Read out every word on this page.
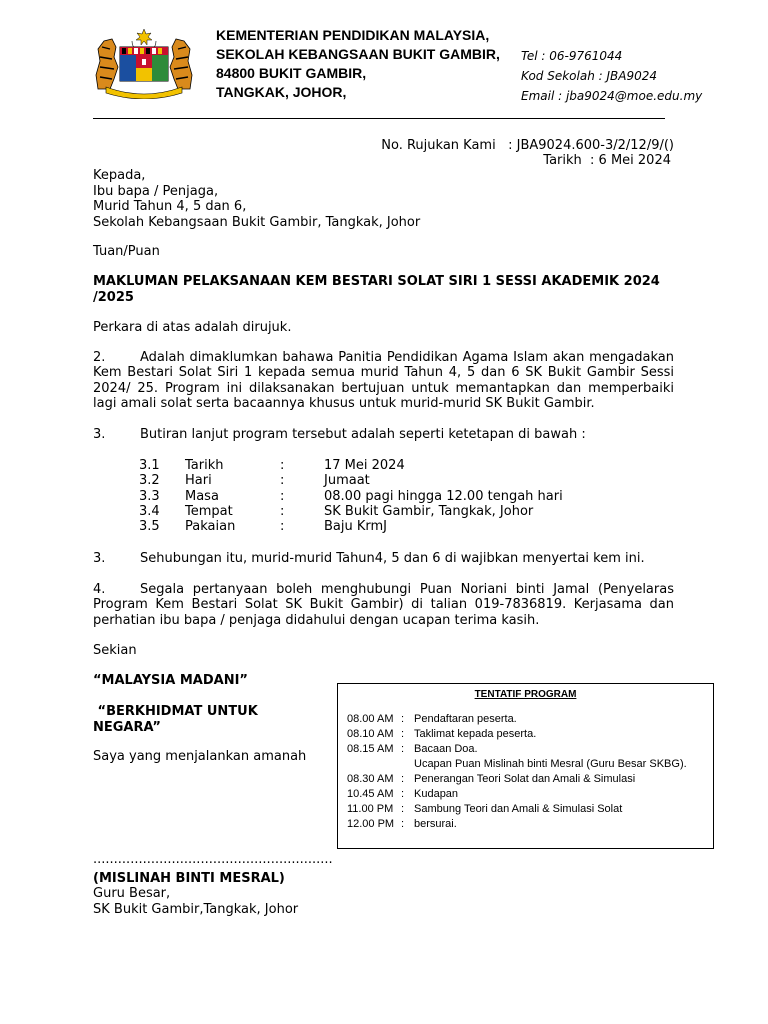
KEMENTERIAN PENDIDIKAN MALAYSIA,
SEKOLAH KEBANGSAAN BUKIT GAMBIR,
84800 BUKIT GAMBIR,
TANGKAK, JOHOR,
Tel : 06-9761044
Kod Sekolah : JBA9024
Email : jba9024@moe.edu.my
No. Rujukan Kami   : JBA9024.600-3/2/12/9/()
Tarikh  : 6 Mei 2024
Kepada,
Ibu bapa / Penjaga,
Murid Tahun 4, 5 dan 6,
Sekolah Kebangsaan Bukit Gambir, Tangkak, Johor
Tuan/Puan
MAKLUMAN PELAKSANAAN KEM BESTARI SOLAT SIRI 1 SESSI AKADEMIK 2024
/2025
Perkara di atas adalah dirujuk.
2.	Adalah dimaklumkan bahawa Panitia Pendidikan Agama Islam akan mengadakan Kem Bestari Solat Siri 1 kepada semua murid Tahun 4, 5 dan 6 SK Bukit Gambir Sessi 2024/ 25. Program ini dilaksanakan bertujuan untuk memantapkan dan memperbaiki lagi amali solat serta bacaannya khusus untuk murid-murid SK Bukit Gambir.
3.	Butiran lanjut program tersebut adalah seperti ketetapan di bawah :
3.1	Tarikh	:	17 Mei 2024
3.2	Hari	:	Jumaat
3.3	Masa	:	08.00 pagi hingga 12.00 tengah hari
3.4	Tempat	:	SK Bukit Gambir, Tangkak, Johor
3.5	Pakaian	:	Baju KrmJ
3.	Sehubungan itu, murid-murid Tahun4, 5 dan 6 di wajibkan menyertai kem ini.
4.	Segala pertanyaan boleh menghubungi Puan Noriani binti Jamal (Penyelaras Program Kem Bestari Solat SK Bukit Gambir) di talian 019-7836819. Kerjasama dan perhatian ibu bapa / penjaga didahului dengan ucapan terima kasih.
Sekian
“MALAYSIA MADANI”
“BERKHIDMAT UNTUK
NEGARA”
Saya yang menjalankan amanah
TENTATIF PROGRAM
08.00 AM : Pendaftaran peserta.
08.10 AM : Taklimat kepada peserta.
08.15 AM : Bacaan Doa.
Ucapan Puan Mislinah binti Mesral (Guru Besar SKBG).
08.30 AM : Penerangan Teori Solat dan Amali & Simulasi
10.45 AM : Kudapan
11.00 PM : Sambung Teori dan Amali & Simulasi Solat
12.00 PM : bersurai.
..........................................................
(MISLINAH BINTI MESRAL)
Guru Besar,
SK Bukit Gambir,Tangkak, Johor
